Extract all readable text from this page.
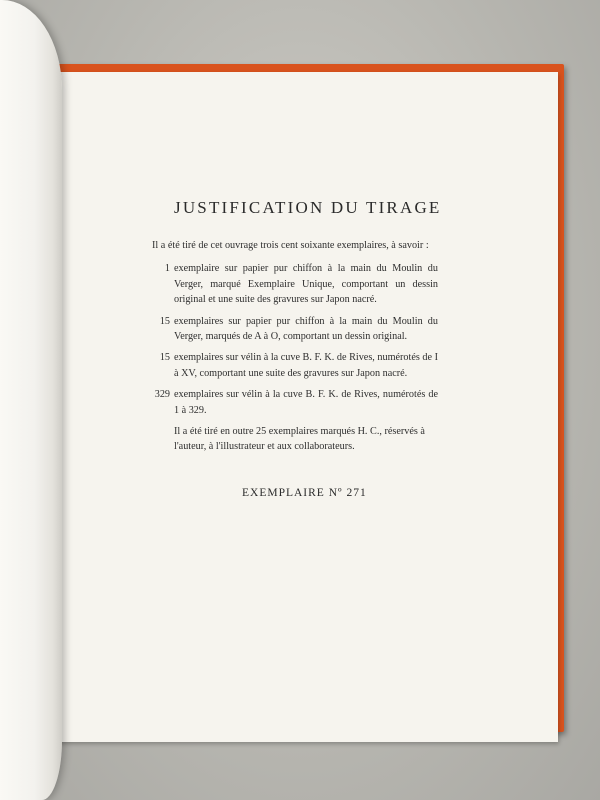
JUSTIFICATION DU TIRAGE
Il a été tiré de cet ouvrage trois cent soixante exemplaires, à savoir :
1 exemplaire sur papier pur chiffon à la main du Moulin du Verger, marqué Exemplaire Unique, comportant un dessin original et une suite des gravures sur Japon nacré.
15 exemplaires sur papier pur chiffon à la main du Moulin du Verger, marqués de A à O, comportant un dessin original.
15 exemplaires sur vélin à la cuve B. F. K. de Rives, numérotés de I à XV, comportant une suite des gravures sur Japon nacré.
329 exemplaires sur vélin à la cuve B. F. K. de Rives, numérotés de 1 à 329.
Il a été tiré en outre 25 exemplaires marqués H. C., réservés à l'auteur, à l'illustrateur et aux collaborateurs.
EXEMPLAIRE Nº 271
